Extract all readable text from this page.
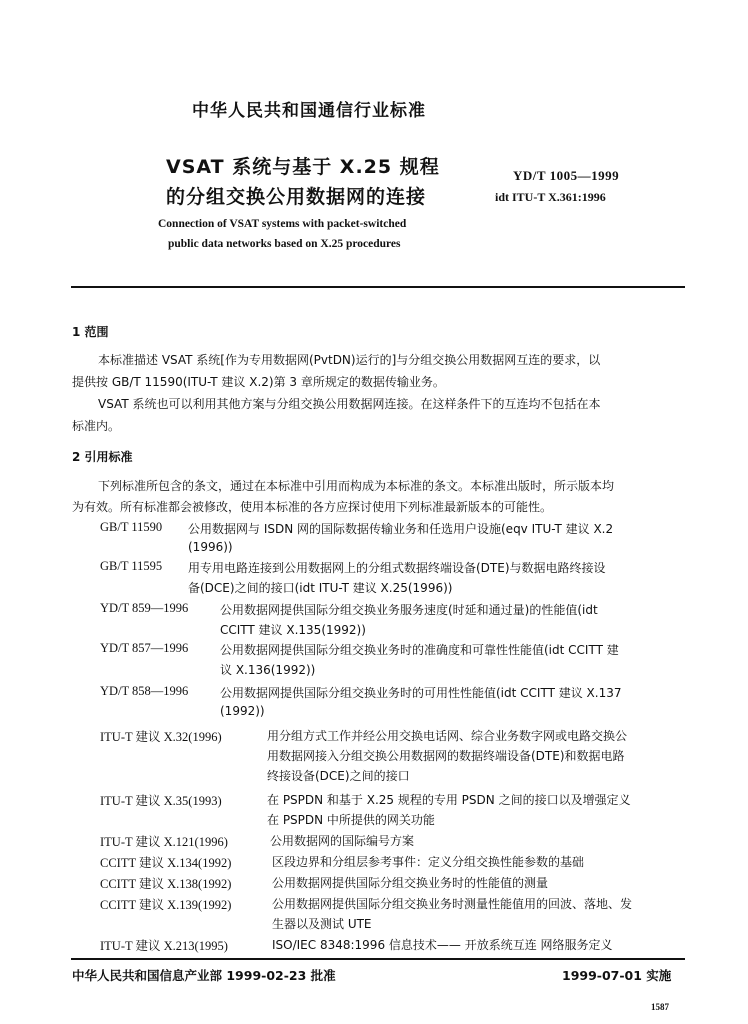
中华人民共和国通信行业标准
VSAT 系统与基于 X.25 规程
的分组交换公用数据网的连接
Connection of VSAT systems with packet-switched
public data networks based on X.25 procedures
YD/T 1005—1999
idt ITU-T X.361:1996
1 范围
本标准描述 VSAT 系统[作为专用数据网(PvtDN)运行的]与分组交换公用数据网互连的要求，以
提供按 GB/T 11590(ITU-T 建议 X.2)第 3 章所规定的数据传输业务。
VSAT 系统也可以利用其他方案与分组交换公用数据网连接。在这样条件下的互连均不包括在本
标准内。
2 引用标准
下列标准所包含的条文，通过在本标准中引用而构成为本标准的条文。本标准出版时，所示版本均
为有效。所有标准都会被修改，使用本标准的各方应探讨使用下列标准最新版本的可能性。
GB/T 11590 公用数据网与 ISDN 网的国际数据传输业务和任选用户设施(eqv ITU-T 建议 X.2
(1996))
GB/T 11595 用专用电路连接到公用数据网上的分组式数据终端设备(DTE)与数据电路终接设
备(DCE)之间的接口(idt ITU-T 建议 X.25(1996))
YD/T 859—1996	公用数据网提供国际分组交换业务服务速度(时延和通过量)的性能值(idt
CCITT 建议 X.135(1992))
YD/T 857—1996	公用数据网提供国际分组交换业务时的准确度和可靠性性能值(idt CCITT 建
议 X.136(1992))
YD/T 858—1996	公用数据网提供国际分组交换业务时的可用性性能值(idt CCITT 建议 X.137
(1992))
ITU-T 建议 X.32(1996)	用分组方式工作并经公用交换电话网、综合业务数字网或电路交换公
用数据网接入分组交换公用数据网的数据终端设备(DTE)和数据电路
终接设备(DCE)之间的接口
ITU-T 建议 X.35(1993)	在 PSPDN 和基于 X.25 规程的专用 PSDN 之间的接口以及增强定义
在 PSPDN 中所提供的网关功能
ITU-T 建议 X.121(1996)	公用数据网的国际编号方案
CCITT 建议 X.134(1992)	区段边界和分组层参考事件：定义分组交换性能参数的基础
CCITT 建议 X.138(1992)	公用数据网提供国际分组交换业务时的性能值的测量
CCITT 建议 X.139(1992)	公用数据网提供国际分组交换业务时测量性能值用的回波、落地、发
生器以及测试 UTE
ITU-T 建议 X.213(1995)	ISO/IEC 8348:1996 信息技术—— 开放系统互连 网络服务定义
中华人民共和国信息产业部 1999-02-23 批准	1999-07-01 实施
1587
